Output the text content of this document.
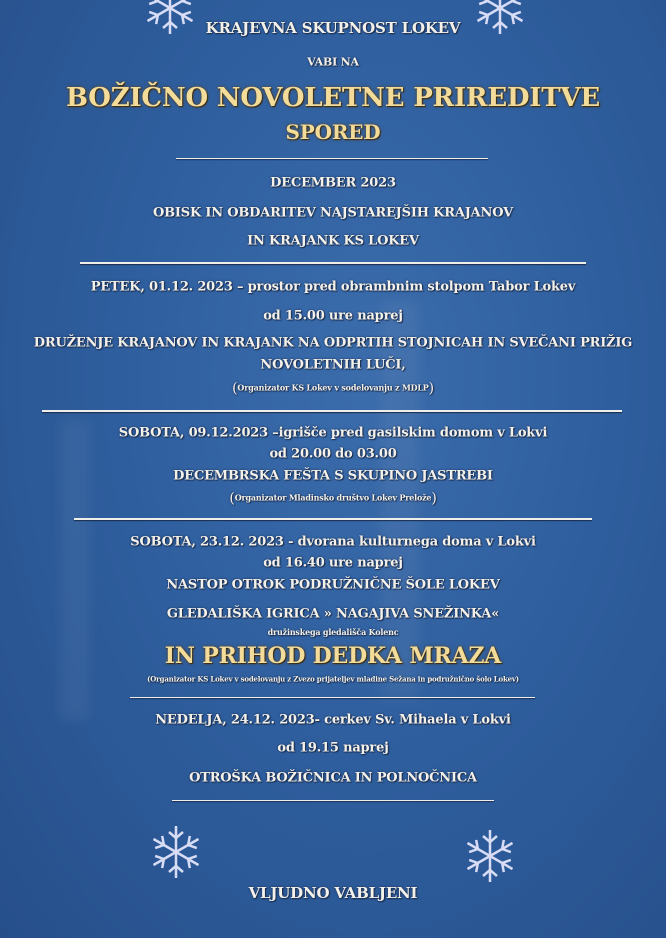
KRAJEVNA SKUPNOST LOKEV
VABI NA
BOŽIČNO NOVOLETNE PRIREDITVE
SPORED
DECEMBER 2023
OBISK IN OBDARITEV NAJSTAREJŠIH KRAJANOV
IN KRAJANK KS LOKEV
PETEK, 01.12. 2023 – prostor pred obrambnim stolpom Tabor Lokev
od 15.00 ure naprej
DRUŽENJE KRAJANOV IN KRAJANK NA ODPRTIH STOJNICAH IN SVEČANI PRIŽIG
NOVOLETNIH LUČI,
(Organizator KS Lokev v sodelovanju z MDLP)
SOBOTA, 09.12.2023 –igrišče pred gasilskim domom v Lokvi
od 20.00 do 03.00
DECEMBRSKA FEŠTA S SKUPINO JASTREBI
(Organizator Mladinsko društvo Lokev Prelože)
SOBOTA, 23.12. 2023 - dvorana kulturnega doma v Lokvi
od 16.40 ure naprej
NASTOP OTROK PODRUŽNIČNE ŠOLE LOKEV
GLEDALIŠKA IGRICA » NAGAJIVA SNEŽINKA«
družinskega gledališča Kolenc
IN PRIHOD DEDKA MRAZA
(Organizator KS Lokev v sodelovanju z Zvezo prijateljev mladine Sežana in podružnično šolo Lokev)
NEDELJA, 24.12. 2023- cerkev Sv. Mihaela v Lokvi
od 19.15 naprej
OTROŠKA BOŽIČNICA IN POLNOČNICA
VLJUDNO VABLJENI
